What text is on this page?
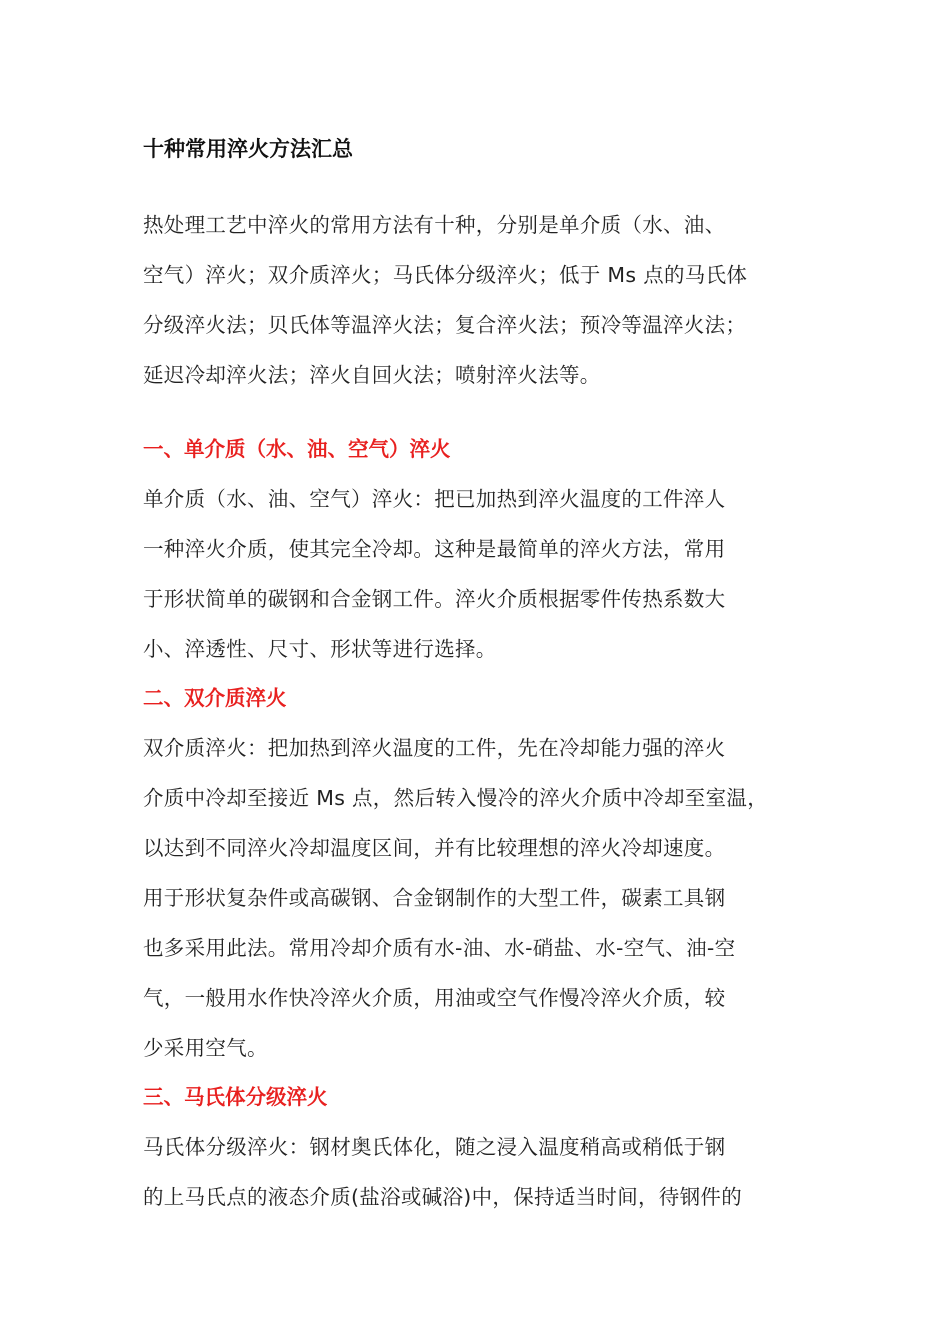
十种常用淬火方法汇总
热处理工艺中淬火的常用方法有十种，分别是单介质（水、油、
空气）淬火；双介质淬火；马氏体分级淬火；低于 Ms 点的马氏体
分级淬火法；贝氏体等温淬火法；复合淬火法；预冷等温淬火法；
延迟冷却淬火法；淬火自回火法；喷射淬火法等。
一、单介质（水、油、空气）淬火
单介质（水、油、空气）淬火：把已加热到淬火温度的工件淬人
一种淬火介质，使其完全冷却。这种是最简单的淬火方法，常用
于形状简单的碳钢和合金钢工件。淬火介质根据零件传热系数大
小、淬透性、尺寸、形状等进行选择。
二、双介质淬火
双介质淬火：把加热到淬火温度的工件，先在冷却能力强的淬火
介质中冷却至接近 Ms 点，然后转入慢冷的淬火介质中冷却至室温，
以达到不同淬火冷却温度区间，并有比较理想的淬火冷却速度。
用于形状复杂件或高碳钢、合金钢制作的大型工件，碳素工具钢
也多采用此法。常用冷却介质有水-油、水-硝盐、水-空气、油-空
气，一般用水作快冷淬火介质，用油或空气作慢冷淬火介质，较
少采用空气。
三、马氏体分级淬火
马氏体分级淬火：钢材奥氏体化，随之浸入温度稍高或稍低于钢
的上马氏点的液态介质(盐浴或碱浴)中，保持适当时间，待钢件的
